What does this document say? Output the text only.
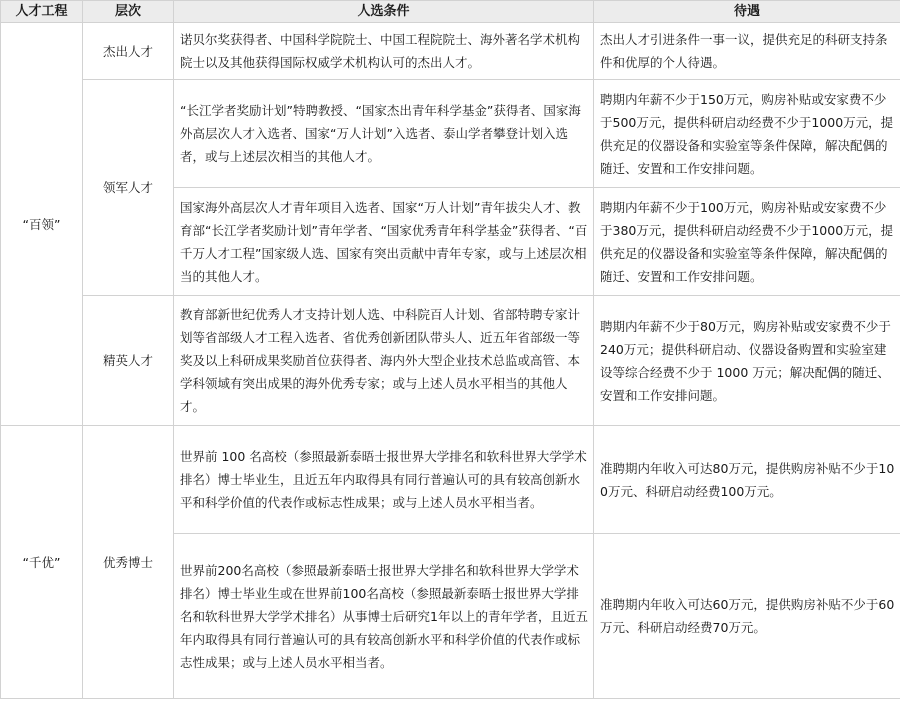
人才工程	层次	人选条件	待遇
“百领”	杰出人才	诺贝尔奖获得者、中国科学院院士、中国工程院院士、海外著名学术机构院士以及其他获得国际权威学术机构认可的杰出人才。	杰出人才引进条件一事一议，提供充足的科研支持条件和优厚的个人待遇。

	领军人才	“长江学者奖励计划”特聘教授、“国家杰出青年科学基金”获得者、国家海外高层次人才入选者、国家“万人计划”入选者、泰山学者攀登计划入选者，或与上述层次相当的其他人才。	聘期内年薪不少于150万元，购房补贴或安家费不少于500万元，提供科研启动经费不少于1000万元，提供充足的仪器设备和实验室等条件保障，解决配偶的随迁、安置和工作安排问题。

		国家海外高层次人才青年项目入选者、国家“万人计划”青年拔尖人才、教育部“长江学者奖励计划”青年学者、“国家优秀青年科学基金”获得者、“百千万人才工程”国家级人选、国家有突出贡献中青年专家，或与上述层次相当的其他人才。	聘期内年薪不少于100万元，购房补贴或安家费不少于380万元，提供科研启动经费不少于1000万元，提供充足的仪器设备和实验室等条件保障，解决配偶的随迁、安置和工作安排问题。

	精英人才	教育部新世纪优秀人才支持计划人选、中科院百人计划、省部特聘专家计划等省部级人才工程入选者、省优秀创新团队带头人、近五年省部级一等奖及以上科研成果奖励首位获得者、海内外大型企业技术总监或高管、本学科领域有突出成果的海外优秀专家；或与上述人员水平相当的其他人才。	聘期内年薪不少于80万元，购房补贴或安家费不少于240万元；提供科研启动、仪器设备购置和实验室建设等综合经费不少于 1000 万元；解决配偶的随迁、安置和工作安排问题。

“千优”	优秀博士	世界前 100 名高校（参照最新泰晤士报世界大学排名和软科世界大学学术排名）博士毕业生，且近五年内取得具有同行普遍认可的具有较高创新水平和科学价值的代表作或标志性成果；或与上述人员水平相当者。	准聘期内年收入可达80万元，提供购房补贴不少于100万元、科研启动经费100万元。

		世界前200名高校（参照最新泰晤士报世界大学排名和软科世界大学学术排名）博士毕业生或在世界前100名高校（参照最新泰晤士报世界大学排名和软科世界大学学术排名）从事博士后研究1年以上的青年学者，且近五年内取得具有同行普遍认可的具有较高创新水平和科学价值的代表作或标志性成果；或与上述人员水平相当者。	准聘期内年收入可达60万元，提供购房补贴不少于60万元、科研启动经费70万元。
